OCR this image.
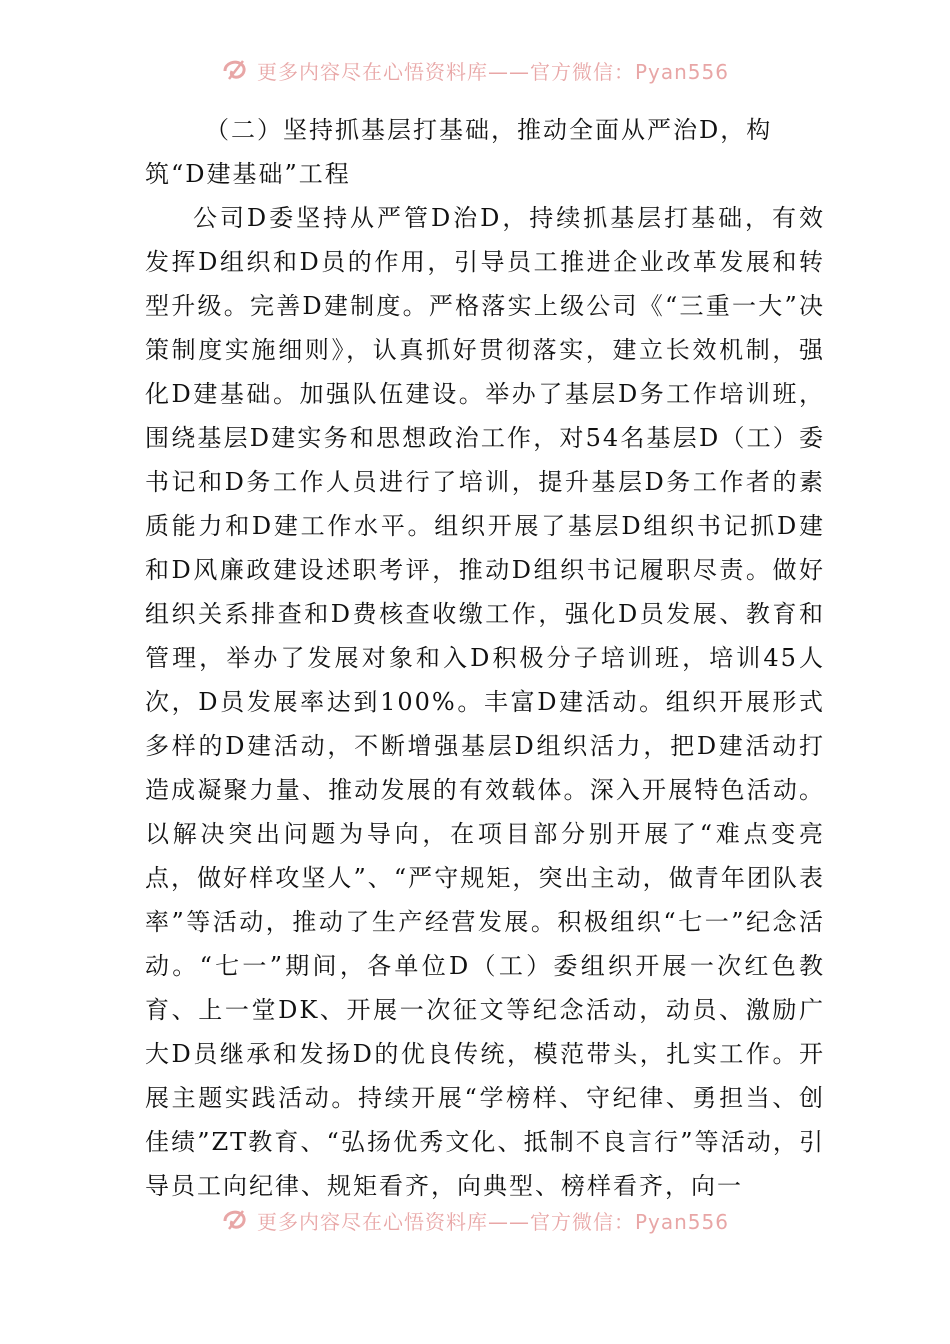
更多内容尽在心悟资料库——官方微信：Pyan556
（二）坚持抓基层打基础，推动全面从严治D，构筑“D建基础”工程

公司D委坚持从严管D治D，持续抓基层打基础，有效发挥D组织和D员的作用，引导员工推进企业改革发展和转型升级。完善D建制度。严格落实上级公司《“三重一大”决策制度实施细则》，认真抓好贯彻落实，建立长效机制，强化D建基础。加强队伍建设。举办了基层D务工作培训班，围绕基层D建实务和思想政治工作，对54名基层D（工）委书记和D务工作人员进行了培训，提升基层D务工作者的素质能力和D建工作水平。组织开展了基层D组织书记抓D建和D风廉政建设述职考评，推动D组织书记履职尽责。做好组织关系排查和D费核查收缴工作，强化D员发展、教育和管理，举办了发展对象和入D积极分子培训班，培训45人次，D员发展率达到100%。丰富D建活动。组织开展形式多样的D建活动，不断增强基层D组织活力，把D建活动打造成凝聚力量、推动发展的有效载体。深入开展特色活动。以解决突出问题为导向，在项目部分别开展了“难点变亮点，做好样攻坚人”、“严守规矩，突出主动，做青年团队表率”等活动，推动了生产经营发展。积极组织“七一”纪念活动。“七一”期间，各单位D（工）委组织开展一次红色教育、上一堂DK、开展一次征文等纪念活动，动员、激励广大D员继承和发扬D的优良传统，模范带头，扎实工作。开展主题实践活动。持续开展“学榜样、守纪律、勇担当、创佳绩”ZT教育、“弘扬优秀文化、抵制不良言行”等活动，引导员工向纪律、规矩看齐，向典型、榜样看齐，向一

更多内容尽在心悟资料库——官方微信：Pyan556
